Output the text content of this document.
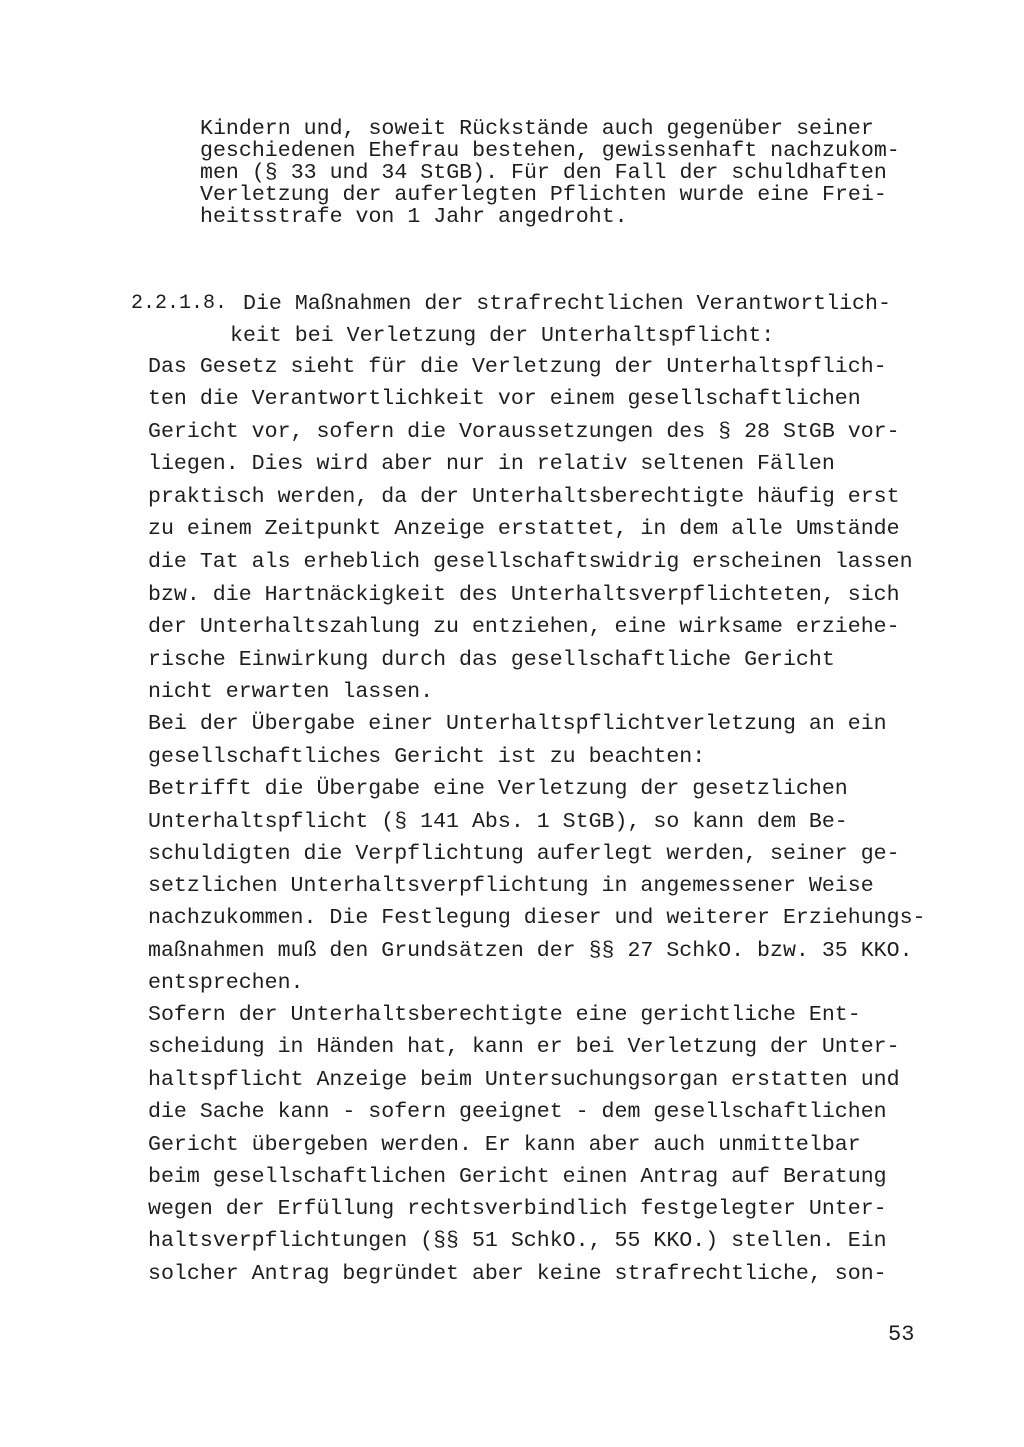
Kindern und, soweit Rückstände auch gegenüber seiner

geschiedenen Ehefrau bestehen, gewissenhaft nachzukom-

men (§ 33 und 34 StGB). Für den Fall der schuldhaften

Verletzung der auferlegten Pflichten wurde eine Frei-

heitsstrafe von 1 Jahr angedroht.

2.2.1.8. Die Maßnahmen der strafrechtlichen Verantwortlich-
keit bei Verletzung der Unterhaltspflicht:

Das Gesetz sieht für die Verletzung der Unterhaltspflich-

ten die Verantwortlichkeit vor einem gesellschaftlichen

Gericht vor, sofern die Voraussetzungen des § 28 StGB vor-

liegen. Dies wird aber nur in relativ seltenen Fällen

praktisch werden, da der Unterhaltsberechtigte häufig erst

zu einem Zeitpunkt Anzeige erstattet, in dem alle Umstände

die Tat als erheblich gesellschaftswidrig erscheinen lassen

bzw. die Hartnäckigkeit des Unterhaltsverpflichteten, sich

der Unterhaltszahlung zu entziehen, eine wirksame erziehe-

rische Einwirkung durch das gesellschaftliche Gericht

nicht erwarten lassen.

Bei der Übergabe einer Unterhaltspflichtverletzung an ein

gesellschaftliches Gericht ist zu beachten:

Betrifft die Übergabe eine Verletzung der gesetzlichen

Unterhaltspflicht (§ 141 Abs. 1 StGB), so kann dem Be-

schuldigten die Verpflichtung auferlegt werden, seiner ge-

setzlichen Unterhaltsverpflichtung in angemessener Weise

nachzukommen. Die Festlegung dieser und weiterer Erziehungs-

maßnahmen muß den Grundsätzen der §§ 27 SchkO. bzw. 35 KKO.

entsprechen.

Sofern der Unterhaltsberechtigte eine gerichtliche Ent-

scheidung in Händen hat, kann er bei Verletzung der Unter-

haltspflicht Anzeige beim Untersuchungsorgan erstatten und

die Sache kann - sofern geeignet - dem gesellschaftlichen

Gericht übergeben werden. Er kann aber auch unmittelbar

beim gesellschaftlichen Gericht einen Antrag auf Beratung

wegen der Erfüllung rechtsverbindlich festgelegter Unter-

haltsverpflichtungen (§§ 51 SchkO., 55 KKO.) stellen. Ein

solcher Antrag begründet aber keine strafrechtliche, son-

53
